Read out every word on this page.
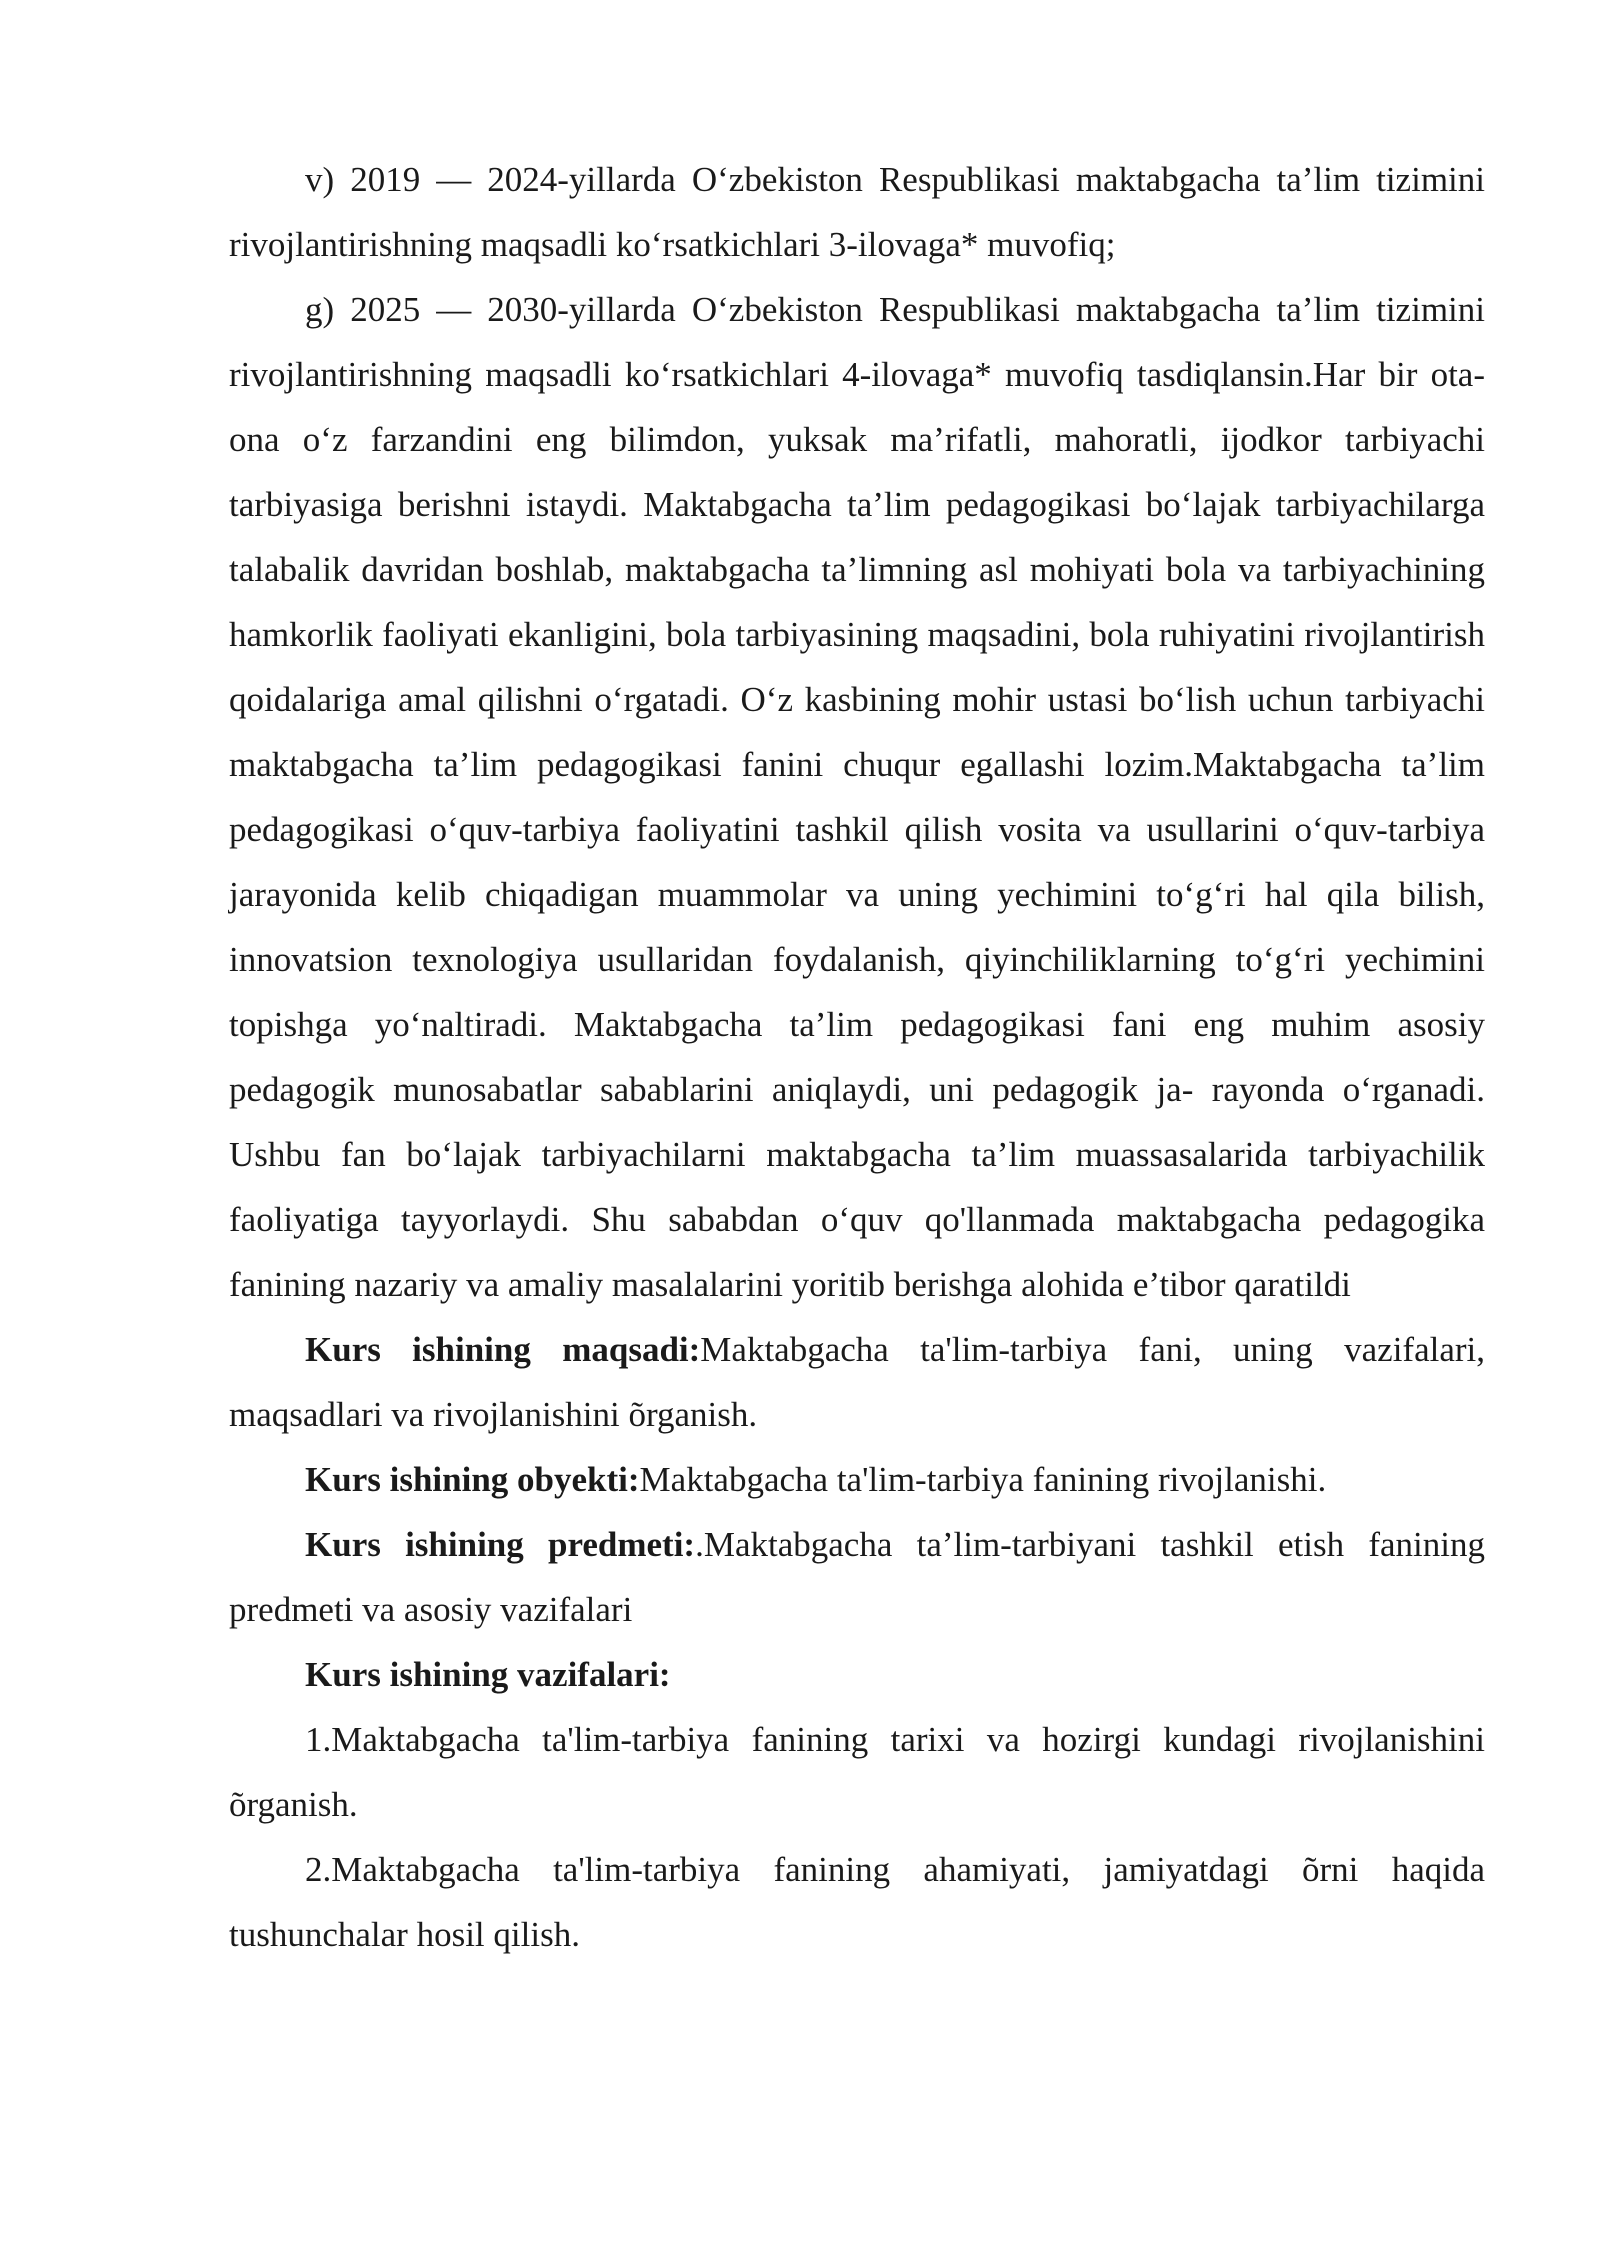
v) 2019 — 2024-yillarda O‘zbekiston Respublikasi maktabgacha ta’lim tizimini rivojlantirishning maqsadli ko‘rsatkichlari 3-ilovaga* muvofiq;

g) 2025 — 2030-yillarda O‘zbekiston Respublikasi maktabgacha ta’lim tizimini rivojlantirishning maqsadli ko‘rsatkichlari 4-ilovaga* muvofiq tasdiqlansin.Har bir ota-ona o‘z farzandini eng bilimdon, yuksak ma’rifatli, mahoratli, ijodkor tarbiyachi tarbiyasiga berishni istaydi. Maktabgacha ta’lim pedagogikasi bo‘lajak tarbiyachilarga talabalik davridan boshlab, maktabgacha ta’limning asl mohiyati bola va tarbiyachining hamkorlik faoliyati ekanligini, bola tarbiyasining maqsadini, bola ruhiyatini rivojlantirish qoidalariga amal qilishni o‘rgatadi. O‘z kasbining mohir ustasi bo‘lish uchun tarbiyachi maktabgacha ta’lim pedagogikasi fanini chuqur egallashi lozim.Maktabgacha ta’lim pedagogikasi o‘quv-tarbiya faoliyatini tashkil qilish vosita va usullarini o‘quv-tarbiya jarayonida kelib chiqadigan muammolar va uning yechimini to‘g‘ri hal qila bilish, innovatsion texnologiya usullaridan foydalanish, qiyinchiliklarning to‘g‘ri yechimini topishga yo‘naltiradi. Maktabgacha ta’lim pedagogikasi fani eng muhim asosiy pedagogik munosabatlar sabablarini aniqlaydi, uni pedagogik ja- rayonda o‘rganadi. Ushbu fan bo‘lajak tarbiyachilarni maktabgacha ta’lim muassasalarida tarbiyachilik faoliyatiga tayyorlaydi. Shu sababdan o‘quv qo'llanmada maktabgacha pedagogika fanining nazariy va amaliy masalalarini yoritib berishga alohida e’tibor qaratildi

Kurs ishining maqsadi:Maktabgacha ta'lim-tarbiya fani, uning vazifalari, maqsadlari va rivojlanishini õrganish.

Kurs ishining obyekti:Maktabgacha ta'lim-tarbiya fanining rivojlanishi.

Kurs ishining predmeti:.Maktabgacha ta’lim-tarbiyani tashkil etish fanining predmeti va asosiy vazifalari

Kurs ishining vazifalari:

1.Maktabgacha ta'lim-tarbiya fanining tarixi va hozirgi kundagi rivojlanishini õrganish.

2.Maktabgacha ta'lim-tarbiya fanining ahamiyati, jamiyatdagi õrni haqida tushunchalar hosil qilish.
